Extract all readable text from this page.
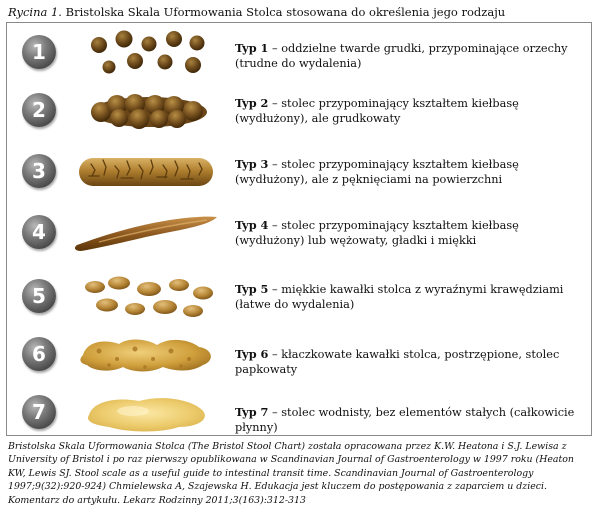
Rycina 1. Bristolska Skala Uformowania Stolca stosowana do określenia jego rodzaju
1	Typ 1 – oddzielne twarde grudki, przypominające orzechy (trudne do wydalenia)
2	Typ 2 – stolec przypominający kształtem kiełbasę (wydłużony), ale grudkowaty
3	Typ 3 – stolec przypominający kształtem kiełbasę (wydłużony), ale z pęknięciami na powierzchni
4	Typ 4 – stolec przypominający kształtem kiełbasę (wydłużony) lub wężowaty, gładki i miękki
5	Typ 5 – miękkie kawałki stolca z wyraźnymi krawędziami (łatwe do wydalenia)
6	Typ 6 – kłaczkowate kawałki stolca, postrzępione, stolec papkowaty
7	Typ 7 – stolec wodnisty, bez elementów stałych (całkowicie płynny)
Bristolska Skala Uformowania Stolca (The Bristol Stool Chart) została opracowana przez K.W. Heatona i S.J. Lewisa z University of Bristol i po raz pierwszy opublikowana w Scandinavian Journal of Gastroenterology w 1997 roku (Heaton KW, Lewis SJ. Stool scale as a useful guide to intestinal transit time. Scandinavian Journal of Gastroenterology 1997;9(32):920-924) Chmielewska A, Szajewska H. Edukacja jest kluczem do postępowania z zaparciem u dzieci. Komentarz do artykułu. Lekarz Rodzinny 2011;3(163):312-313
